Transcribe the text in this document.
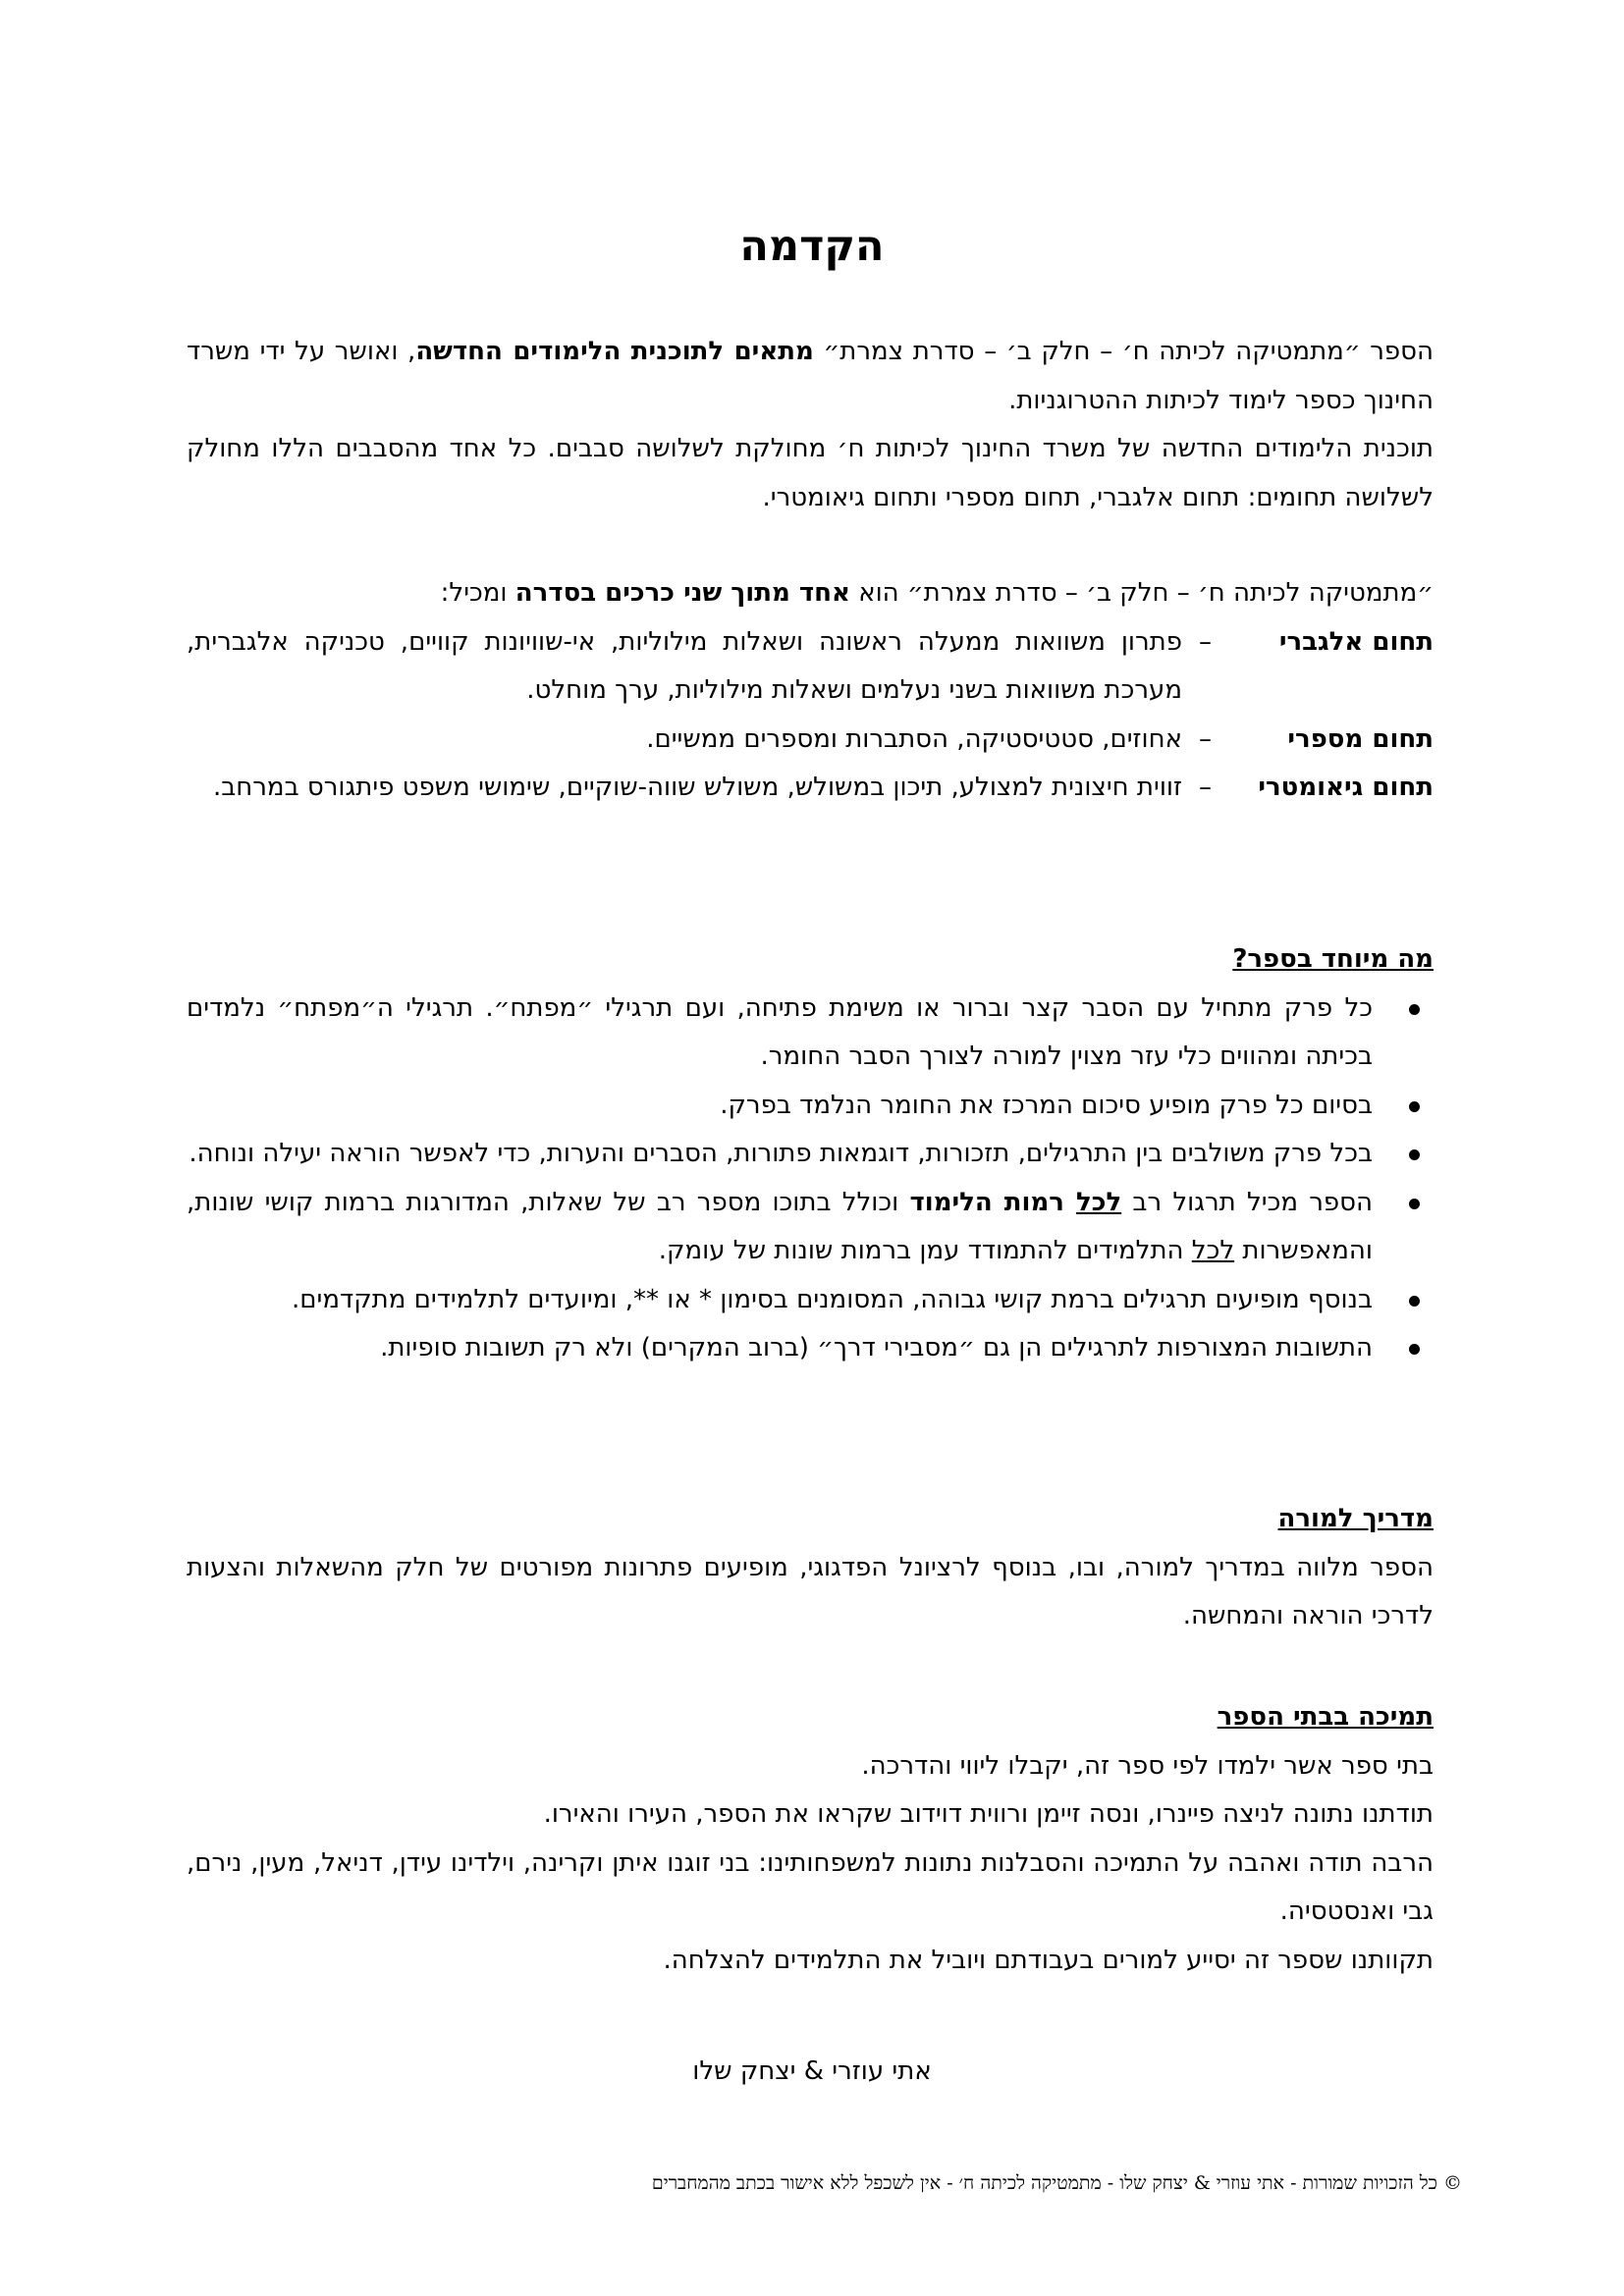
הקדמה

הספר ״מתמטיקה לכיתה ח׳ – חלק ב׳ – סדרת צמרת״ מתאים לתוכנית הלימודים החדשה, ואושר על ידי משרד החינוך כספר לימוד לכיתות ההטרוגניות.

תוכנית הלימודים החדשה של משרד החינוך לכיתות ח׳ מחולקת לשלושה סבבים. כל אחד מהסבבים הללו מחולק לשלושה תחומים: תחום אלגברי, תחום מספרי ותחום גיאומטרי.

״מתמטיקה לכיתה ח׳ – חלק ב׳ – סדרת צמרת״ הוא אחד מתוך שני כרכים בסדרה ומכיל:

תחום אלגברי
–
פתרון משוואות ממעלה ראשונה ושאלות מילוליות, אי-שוויונות קוויים, טכניקה אלגברית, מערכת משוואות בשני נעלמים ושאלות מילוליות, ערך מוחלט.
תחום מספרי
–
אחוזים, סטטיסטיקה, הסתברות ומספרים ממשיים.
תחום גיאומטרי
–
זווית חיצונית למצולע, תיכון במשולש, משולש שווה-שוקיים, שימושי משפט פיתגורס במרחב.

מה מיוחד בספר?

כל פרק מתחיל עם הסבר קצר וברור או משימת פתיחה, ועם תרגילי ״מפתח״. תרגילי ה״מפתח״ נלמדים בכיתה ומהווים כלי עזר מצוין למורה לצורך הסבר החומר.
בסיום כל פרק מופיע סיכום המרכז את החומר הנלמד בפרק.
בכל פרק משולבים בין התרגילים, תזכורות, דוגמאות פתורות, הסברים והערות, כדי לאפשר הוראה יעילה ונוחה.
הספר מכיל תרגול רב לכל רמות הלימוד וכולל בתוכו מספר רב של שאלות, המדורגות ברמות קושי שונות, והמאפשרות לכל התלמידים להתמודד עמן ברמות שונות של עומק.
בנוסף מופיעים תרגילים ברמת קושי גבוהה, המסומנים בסימון * או **, ומיועדים לתלמידים מתקדמים.
התשובות המצורפות לתרגילים הן גם ״מסבירי דרך״ (ברוב המקרים) ולא רק תשובות סופיות.

מדריך למורה

הספר מלווה במדריך למורה, ובו, בנוסף לרציונל הפדגוגי, מופיעים פתרונות מפורטים של חלק מהשאלות והצעות לדרכי הוראה והמחשה.

תמיכה בבתי הספר

בתי ספר אשר ילמדו לפי ספר זה, יקבלו ליווי והדרכה.

תודתנו נתונה לניצה פיינרו, ונסה זיימן ורווית דוידוב שקראו את הספר, העירו והאירו.

הרבה תודה ואהבה על התמיכה והסבלנות נתונות למשפחותינו: בני זוגנו איתן וקרינה, וילדינו עידן, דניאל, מעין, נירם, גבי ואנסטסיה.

תקוותנו שספר זה יסייע למורים בעבודתם ויוביל את התלמידים להצלחה.

אתי עוזרי & יצחק שלו
© כל הזכויות שמורות - אתי עוזרי & יצחק שלו - מתמטיקה לכיתה ח׳ - אין לשכפל ללא אישור בכתב מהמחברים
